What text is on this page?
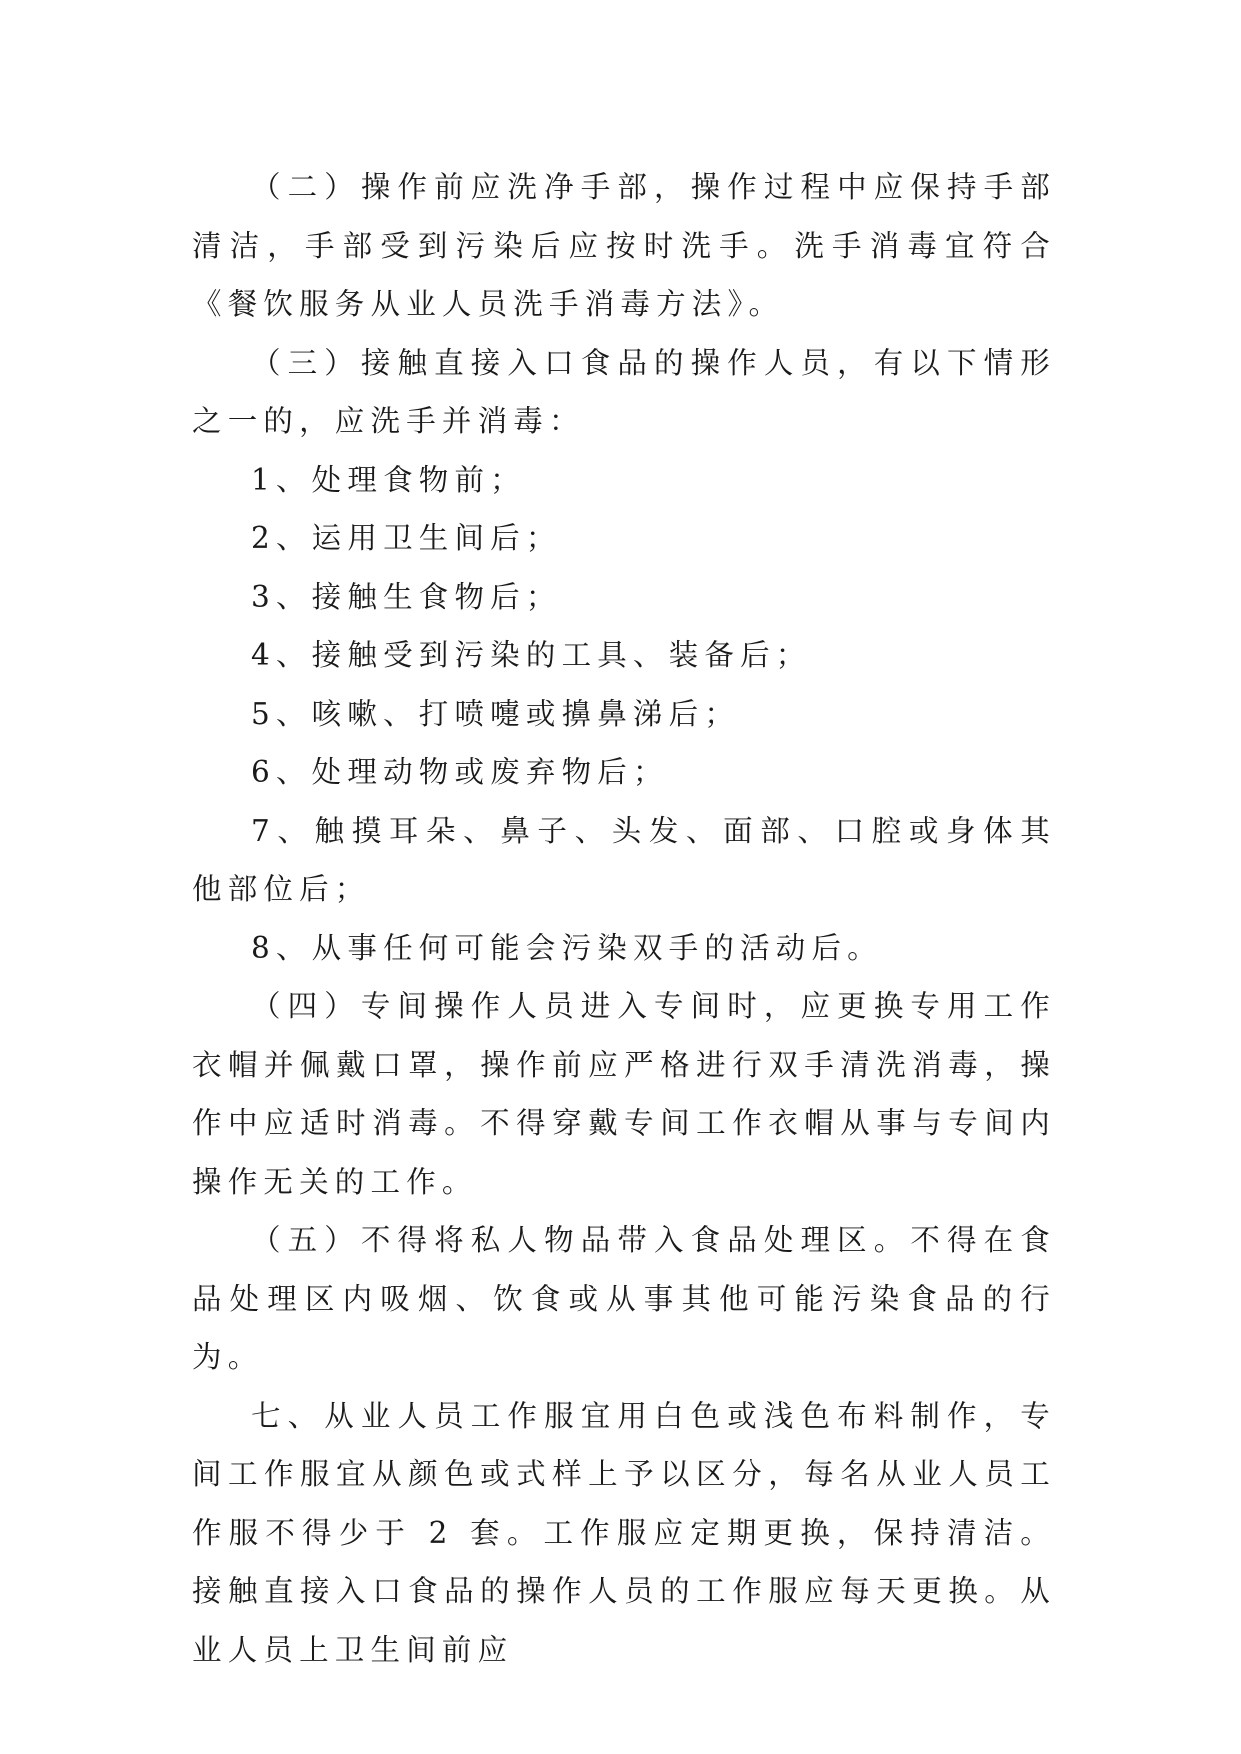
（二）操作前应洗净手部，操作过程中应保持手部清洁，手部受到污染后应按时洗手。洗手消毒宜符合《餐饮服务从业人员洗手消毒方法》。

（三）接触直接入口食品的操作人员，有以下情形之一的，应洗手并消毒：

1、处理食物前；

2、运用卫生间后；

3、接触生食物后；

4、接触受到污染的工具、装备后；

5、咳嗽、打喷嚏或擤鼻涕后；

6、处理动物或废弃物后；

7、触摸耳朵、鼻子、头发、面部、口腔或身体其他部位后；

8、从事任何可能会污染双手的活动后。

（四）专间操作人员进入专间时，应更换专用工作衣帽并佩戴口罩，操作前应严格进行双手清洗消毒，操作中应适时消毒。不得穿戴专间工作衣帽从事与专间内操作无关的工作。

（五）不得将私人物品带入食品处理区。不得在食品处理区内吸烟、饮食或从事其他可能污染食品的行为。

七、从业人员工作服宜用白色或浅色布料制作，专间工作服宜从颜色或式样上予以区分，每名从业人员工作服不得少于 2 套。工作服应定期更换，保持清洁。接触直接入口食品的操作人员的工作服应每天更换。从业人员上卫生间前应
